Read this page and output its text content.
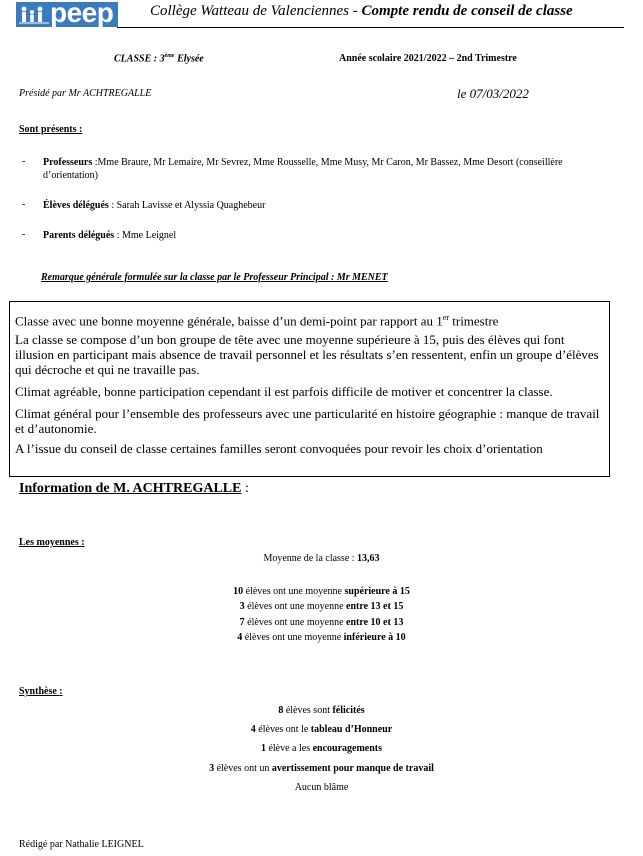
peep Collège Watteau de Valenciennes - Compte rendu de conseil de classe
CLASSE : 3ème Elysée	Année scolaire 2021/2022 – 2nd Trimestre
Présidé par Mr ACHTREGALLE	le 07/03/2022
Sont présents :
- Professeurs :Mme Braure, Mr Lemaire, Mr Sevrez, Mme Rousselle, Mme Musy, Mr Caron, Mr Bassez, Mme Desort (conseillère d’orientation)
- Élèves délégués : Sarah Lavisse et Alyssia Quaghebeur
- Parents délégués : Mme Leignel
Remarque générale formulée sur la classe par le Professeur Principal : Mr MENET

Classe avec une bonne moyenne générale, baisse d’un demi-point par rapport au 1er trimestre

La classe se compose d’un bon groupe de tête avec une moyenne supérieure à 15, puis des élèves qui font illusion en participant mais absence de travail personnel et les résultats s’en ressentent, enfin un groupe d’élèves qui décroche et qui ne travaille pas.

Climat agréable, bonne participation cependant il est parfois difficile de motiver et concentrer la classe.

Climat général pour l’ensemble des professeurs avec une particularité en histoire géographie : manque de travail et d’autonomie.

A l’issue du conseil de classe certaines familles seront convoquées pour revoir les choix d’orientation

Information de M. ACHTREGALLE :
Les moyennes :
Moyenne de la classe : 13,63
10 élèves ont une moyenne supérieure à 15
3 élèves ont une moyenne entre 13 et 15
7 élèves ont une moyenne entre 10 et 13
4 élèves ont une moyenne inférieure à 10
Synthèse :
8 élèves sont félicités
4 élèves ont le tableau d’Honneur
1 élève a les encouragements
3 élèves ont un avertissement pour manque de travail
Aucun blâme
Rédigé par Nathalie LEIGNEL
